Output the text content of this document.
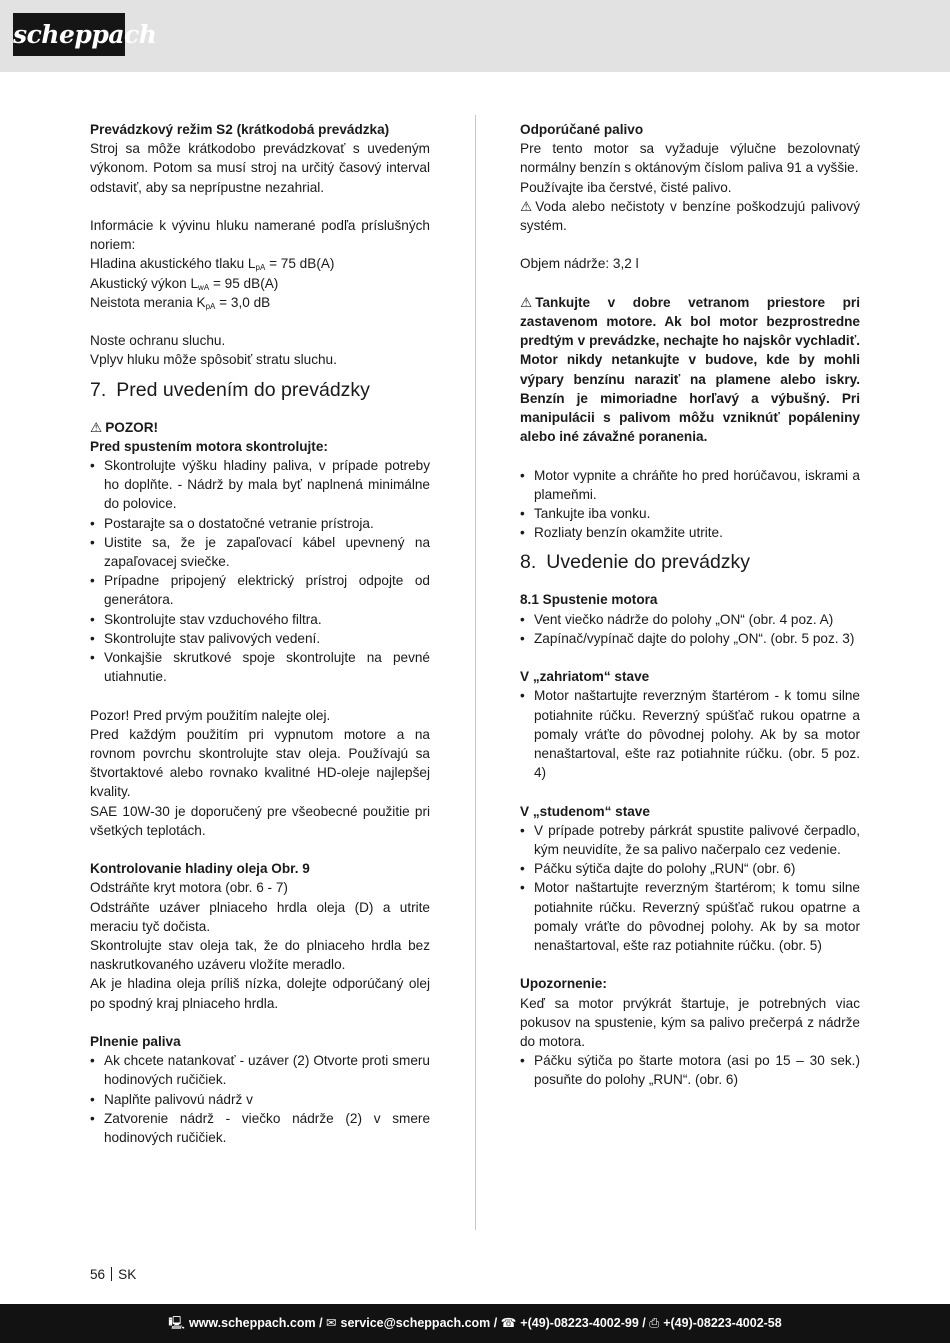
scheppach

Prevádzkový režim S2 (krátkodobá prevádzka)

Stroj sa môže krátkodobo prevádzkovať s uvedeným výkonom. Potom sa musí stroj na určitý časový interval odstaviť, aby sa neprípustne nezahrial.

Informácie k vývinu hluku namerané podľa príslušných noriem:

Hladina akustického tlaku $L_{pA} = 75$ dB(A)

Akustický výkon $L_{wA} = 95$ dB(A)

Neistota merania $K_{pA} = 3,0$ dB

Noste ochranu sluchu.

Vplyv hluku môže spôsobiť stratu sluchu.

7. Pred uvedením do prevádzky

⚠ POZOR!

Pred spustením motora skontrolujte:

• Skontrolujte výšku hladiny paliva, v prípade potreby ho doplňte. - Nádrž by mala byť naplnená minimálne do polovice.
• Postarajte sa o dostatočné vetranie prístroja.
• Uistite sa, že je zapaľovací kábel upevnený na zapaľovacej sviečke.
• Prípadne pripojený elektrický prístroj odpojte od generátora.
• Skontrolujte stav vzduchového filtra.
• Skontrolujte stav palivových vedení.
• Vonkajšie skrutkové spoje skontrolujte na pevné utiahnutie.

Pozor! Pred prvým použitím nalejte olej.

Pred každým použitím pri vypnutom motore a na rovnom povrchu skontrolujte stav oleja. Používajú sa štvortaktové alebo rovnako kvalitné HD-oleje najlepšej kvality.

SAE 10W-30 je doporučený pre všeobecné použitie pri všetkých teplotách.

Kontrolovanie hladiny oleja Obr. 9

Odstráňte kryt motora (obr. 6 - 7)

Odstráňte uzáver plniaceho hrdla oleja (D) a utrite meraciu tyč dočista.

Skontrolujte stav oleja tak, že do plniaceho hrdla bez naskrutkovaného uzáveru vložíte meradlo.

Ak je hladina oleja príliš nízka, dolejte odporúčaný olej po spodný kraj plniaceho hrdla.

Plnenie paliva

• Ak chcete natankovať - uzáver (2) Otvorte proti smeru hodinových ručičiek.
• Naplňte palivovú nádrž v
• Zatvorenie nádrž - viečko nádrže (2) v smere hodinových ručičiek.

Odporúčané palivo

Pre tento motor sa vyžaduje výlučne bezolovnatý normálny benzín s oktánovým číslom paliva 91 a vyššie.

Používajte iba čerstvé, čisté palivo.

⚠ Voda alebo nečistoty v benzíne poškodzujú palivový systém.

Objem nádrže: 3,2 l

⚠ Tankujte v dobre vetranom priestore pri zastavenom motore. Ak bol motor bezprostredne predtým v prevádzke, nechajte ho najskôr vychladiť. Motor nikdy netankujte v budove, kde by mohli výpary benzínu naraziť na plamene alebo iskry. Benzín je mimoriadne horľavý a výbušný. Pri manipulácii s palivom môžu vzniknúť popáleniny alebo iné závažné poranenia.

• Motor vypnite a chráňte ho pred horúčavou, iskrami a plameňmi.
• Tankujte iba vonku.
• Rozliaty benzín okamžite utrite.
8. Uvedenie do prevádzky

8.1 Spustenie motora

• Vent viečko nádrže do polohy „ON“ (obr. 4 poz. A)
• Zapínač/vypínač dajte do polohy „ON“. (obr. 5 poz. 3)

V „zahriatom“ stave

• Motor naštartujte reverzným štartérom - k tomu silne potiahnite rúčku. Reverzný spúšťač rukou opatrne a pomaly vráťte do pôvodnej polohy. Ak by sa motor nenaštartoval, ešte raz potiahnite rúčku. (obr. 5 poz. 4)

V „studenom“ stave

• V prípade potreby párkrát spustite palivové čerpadlo, kým neuvidíte, že sa palivo načerpalo cez vedenie.
• Páčku sýtiča dajte do polohy „RUN“ (obr. 6)
• Motor naštartujte reverzným štartérom; k tomu silne potiahnite rúčku. Reverzný spúšťač rukou opatrne a pomaly vráťte do pôvodnej polohy. Ak by sa motor nenaštartoval, ešte raz potiahnite rúčku. (obr. 5)

Upozornenie:

Keď sa motor prvýkrát štartuje, je potrebných viac pokusov na spustenie, kým sa palivo prečerpá z nádrže do motora.

• Páčku sýtiča po štarte motora (asi po 15 – 30 sek.) posuňte do polohy „RUN“. (obr. 6)
56 SK
🖳 www.scheppach.com / ✉ service@scheppach.com / ☎ +(49)-08223-4002-99 / ⎙ +(49)-08223-4002-58
